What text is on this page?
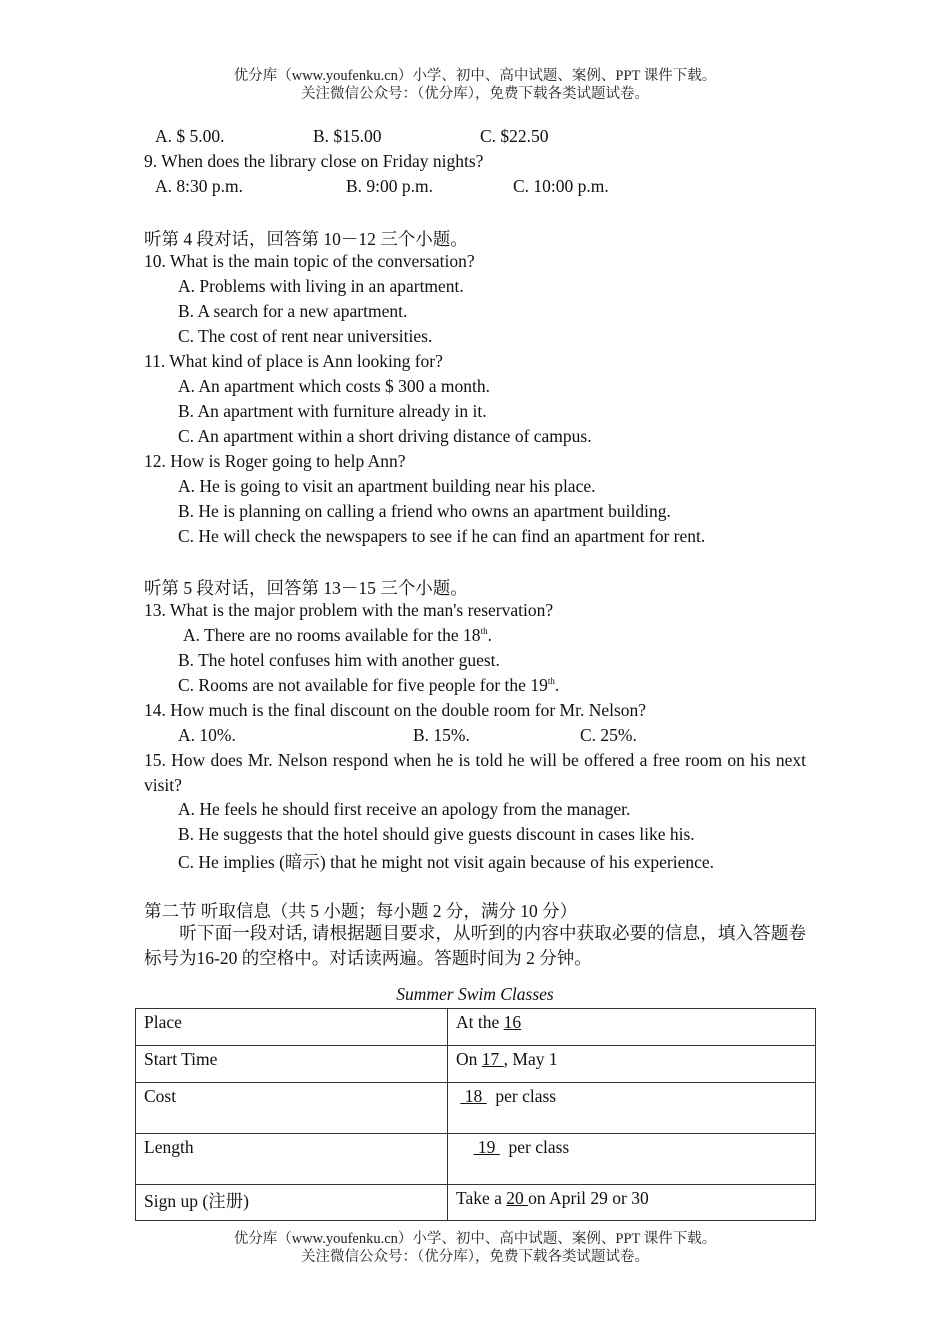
优分库（www.youfenku.cn）小学、初中、高中试题、案例、PPT 课件下载。
关注微信公众号：（优分库），免费下载各类试题试卷。
A. $ 5.00.	B. $15.00	C. $22.50
9. When does the library close on Friday nights?
A. 8:30 p.m.	B. 9:00 p.m.	C. 10:00 p.m.
听第 4 段对话，回答第 10－12 三个小题。
10. What is the main topic of the conversation?
A. Problems with living in an apartment.
B. A search for a new apartment.
C. The cost of rent near universities.
11. What kind of place is Ann looking for?
A. An apartment which costs $ 300 a month.
B. An apartment with furniture already in it.
C. An apartment within a short driving distance of campus.
12. How is Roger going to help Ann?
A. He is going to visit an apartment building near his place.
B. He is planning on calling a friend who owns an apartment building.
C. He will check the newspapers to see if he can find an apartment for rent.
听第 5 段对话，回答第 13－15 三个小题。
13. What is the major problem with the man's reservation?
A. There are no rooms available for the 18th.
B. The hotel confuses him with another guest.
C. Rooms are not available for five people for the 19th.
14. How much is the final discount on the double room for Mr. Nelson?
A. 10%.	B. 15%.	C. 25%.
15. How does Mr. Nelson respond when he is told he will be offered a free room on his next visit?
A. He feels he should first receive an apology from the manager.
B. He suggests that the hotel should give guests discount in cases like his.
C. He implies (暗示) that he might not visit again because of his experience.
第二节 听取信息（共 5 小题；每小题 2 分，满分 10 分）
　　听下面一段对话, 请根据题目要求，从听到的内容中获取必要的信息，填入答题卷标号为16-20 的空格中。对话读两遍。答题时间为 2 分钟。
Summer Swim Classes
Place	At the 16
Start Time	On 17 , May 1
Cost	18   per class
Length	19   per class
Sign up (注册)	Take a 20 on April 29 or 30
优分库（www.youfenku.cn）小学、初中、高中试题、案例、PPT 课件下载。
关注微信公众号：（优分库），免费下载各类试题试卷。
